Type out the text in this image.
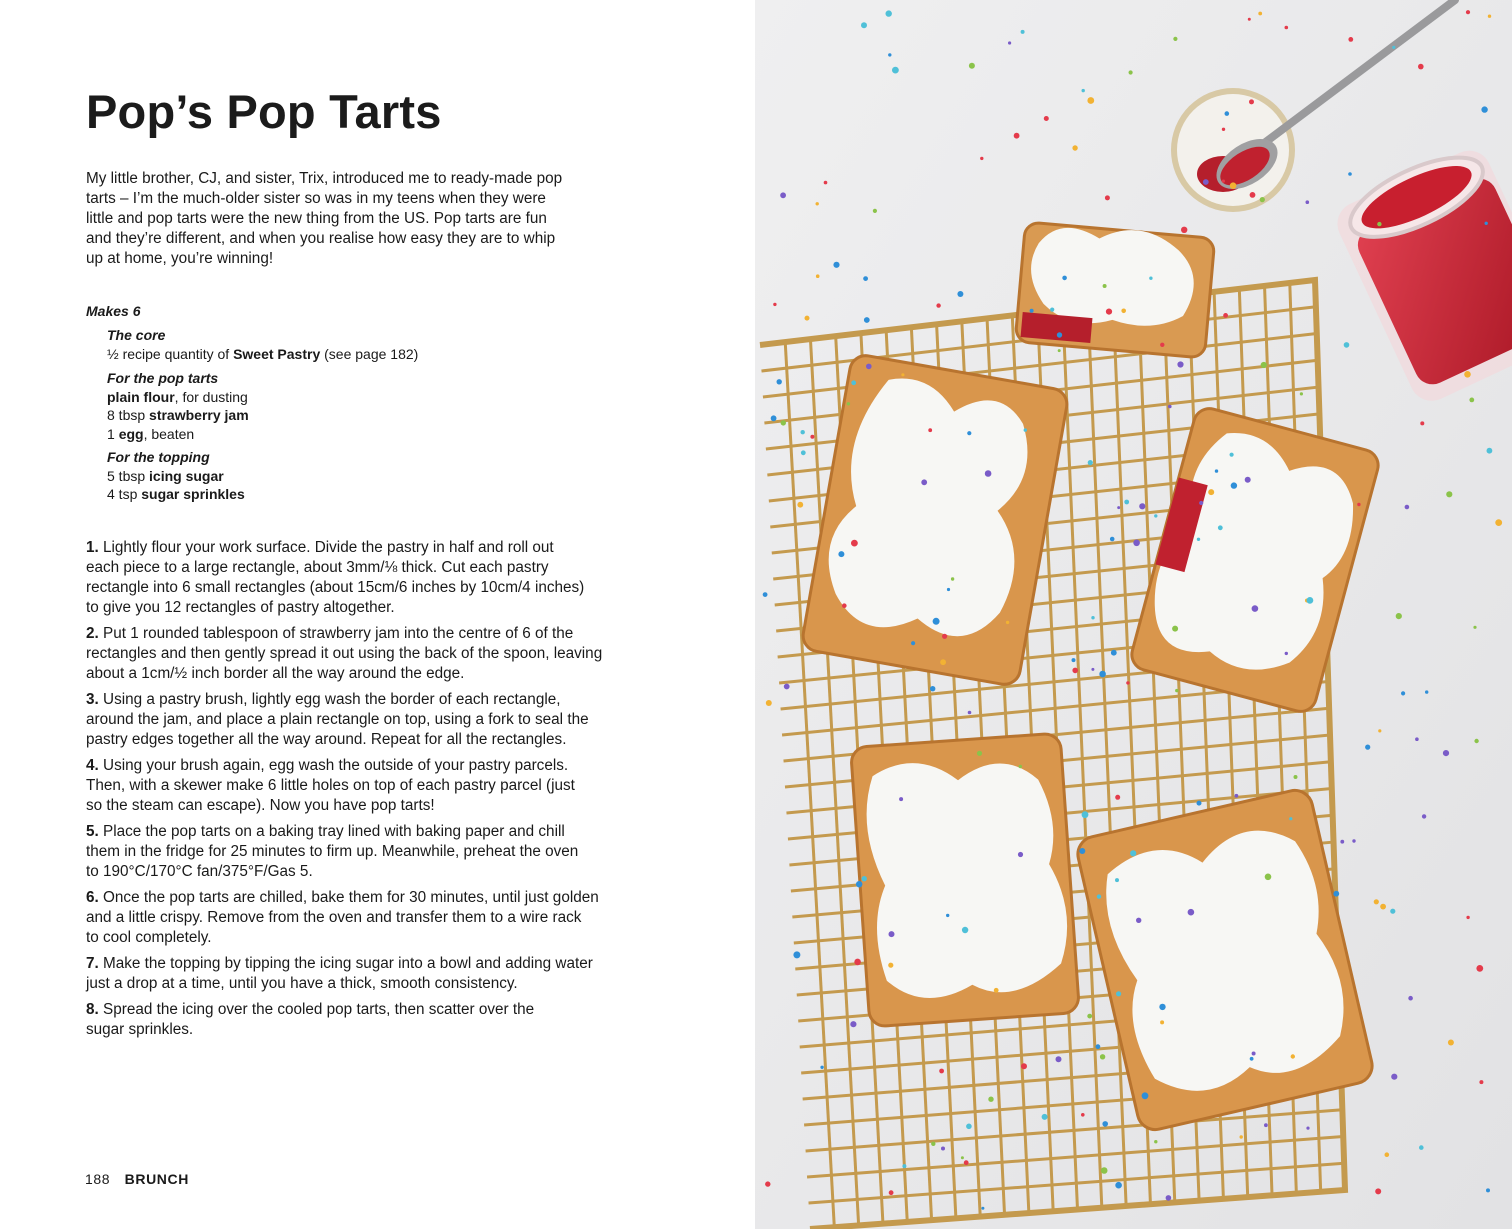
Pop’s Pop Tarts

My little brother, CJ, and sister, Trix, introduced me to ready-made pop
tarts – I’m the much-older sister so was in my teens when they were
little and pop tarts were the new thing from the US. Pop tarts are fun
and they’re different, and when you realise how easy they are to whip
up at home, you’re winning!

Makes 6

The core
½ recipe quantity of Sweet Pastry (see page 182)
For the pop tarts
plain flour, for dusting
8 tbsp strawberry jam
1 egg, beaten
For the topping
5 tbsp icing sugar
4 tsp sugar sprinkles

1. Lightly flour your work surface. Divide the pastry in half and roll out
each piece to a large rectangle, about 3mm/⅛ thick. Cut each pastry
rectangle into 6 small rectangles (about 15cm/6 inches by 10cm/4 inches)
to give you 12 rectangles of pastry altogether.

2. Put 1 rounded tablespoon of strawberry jam into the centre of 6 of the
rectangles and then gently spread it out using the back of the spoon, leaving
about a 1cm/½ inch border all the way around the edge.

3. Using a pastry brush, lightly egg wash the border of each rectangle,
around the jam, and place a plain rectangle on top, using a fork to seal the
pastry edges together all the way around. Repeat for all the rectangles.

4. Using your brush again, egg wash the outside of your pastry parcels.
Then, with a skewer make 6 little holes on top of each pastry parcel (just
so the steam can escape). Now you have pop tarts!

5. Place the pop tarts on a baking tray lined with baking paper and chill
them in the fridge for 25 minutes to firm up. Meanwhile, preheat the oven
to 190°C/170°C fan/375°F/Gas 5.

6. Once the pop tarts are chilled, bake them for 30 minutes, until just golden
and a little crispy. Remove from the oven and transfer them to a wire rack
to cool completely.

7. Make the topping by tipping the icing sugar into a bowl and adding water
just a drop at a time, until you have a thick, smooth consistency.

8. Spread the icing over the cooled pop tarts, then scatter over the
sugar sprinkles.

188 BRUNCH
